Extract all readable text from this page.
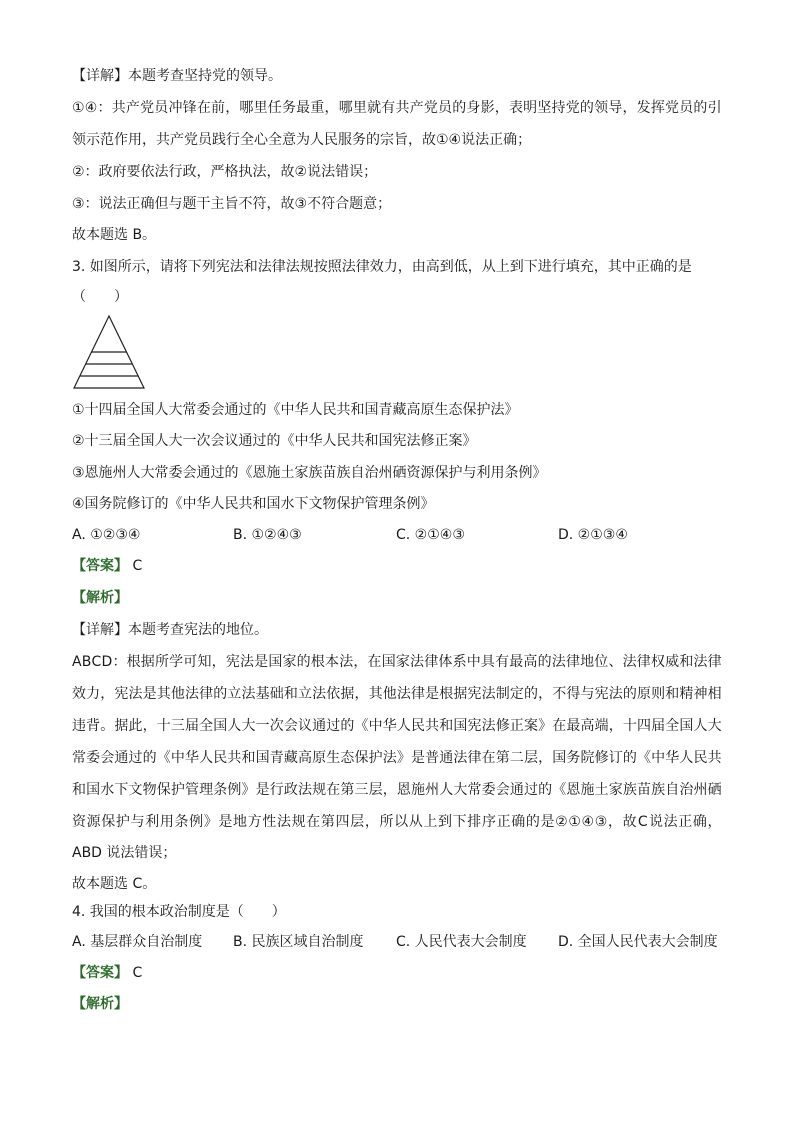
【详解】本题考查坚持党的领导。
① ④ ： 共 产 党 员 冲 锋 在 前 ， 哪 里 任 务 最 重 ， 哪 里 就 有 共 产 党 员 的 身 影 ， 表 明 坚 持 党 的 领 导 ， 发 挥 党 员 的 引
领示范作用，共产党员践行全心全意为人民服务的宗旨，故①④说法正确；
②：政府要依法行政，严格执法，故②说法错误；
③：说法正确但与题干主旨不符，故③不符合题意；
故本题选 B。
3. 如图所示，请将下列宪法和法律法规按照法律效力，由高到低，从上到下进行填充，其中正确的是
（　　）
①十四届全国人大常委会通过的《中华人民共和国青藏高原生态保护法》
②十三届全国人大一次会议通过的《中华人民共和国宪法修正案》
③恩施州人大常委会通过的《恩施土家族苗族自治州硒资源保护与利用条例》
④国务院修订的《中华人民共和国水下文物保护管理条例》
A. ①②③④	B. ①②④③	C. ②①④③	D. ②①③④
【答案】 C
【解析】
【详解】本题考查宪法的地位。
A B C D ： 根 据 所 学 可 知 ， 宪 法 是 国 家 的 根 本 法 ， 在 国 家 法 律 体 系 中 具 有 最 高 的 法 律 地 位 、 法 律 权 威 和 法 律
效 力 ， 宪 法 是 其 他 法 律 的 立 法 基 础 和 立 法 依 据 ， 其 他 法 律 是 根 据 宪 法 制 定 的 ， 不 得 与 宪 法 的 原 则 和 精 神 相
违 背 。 据 此 ， 十 三 届 全 国 人 大 一 次 会 议 通 过 的 《 中 华 人 民 共 和 国 宪 法 修 正 案 》 在 最 高 端 ， 十 四 届 全 国 人 大
常 委 会 通 过 的 《 中 华 人 民 共 和 国 青 藏 高 原 生 态 保 护 法 》 是 普 通 法 律 在 第 二 层 ， 国 务 院 修 订 的 《 中 华 人 民 共
和 国 水 下 文 物 保 护 管 理 条 例 》 是 行 政 法 规 在 第 三 层 ， 恩 施 州 人 大 常 委 会 通 过 的 《 恩 施 土 家 族 苗 族 自 治 州 硒
资 源 保 护 与 利 用 条 例 》 是 地 方 性 法 规 在 第 四 层 ， 所 以 从 上 到 下 排 序 正 确 的 是 ② ① ④ ③ ， 故 C 说 法 正 确 ，
ABD 说法错误；
故本题选 C。
4. 我国的根本政治制度是（　　）
A. 基层群众自治制度 B. 民族区域自治制度 C. 人民代表大会制度 D. 全国人民代表大会制度
【答案】 C
【解析】
